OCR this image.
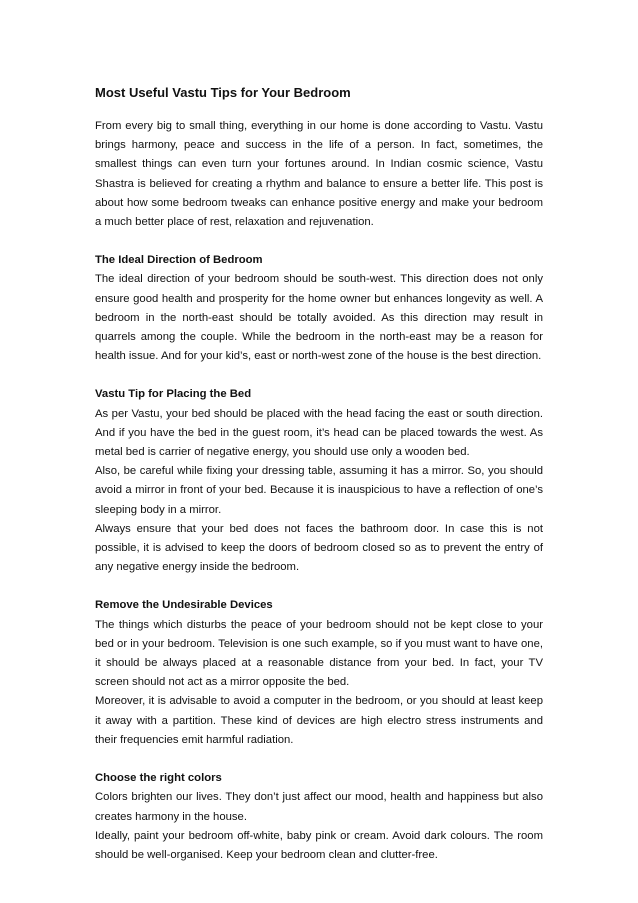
Most Useful Vastu Tips for Your Bedroom

From every big to small thing, everything in our home is done according to Vastu. Vastu brings harmony, peace and success in the life of a person. In fact, sometimes, the smallest things can even turn your fortunes around. In Indian cosmic science, Vastu Shastra is believed for creating a rhythm and balance to ensure a better life. This post is about how some bedroom tweaks can enhance positive energy and make your bedroom a much better place of rest, relaxation and rejuvenation.

The Ideal Direction of Bedroom

The ideal direction of your bedroom should be south-west. This direction does not only ensure good health and prosperity for the home owner but enhances longevity as well. A bedroom in the north-east should be totally avoided. As this direction may result in quarrels among the couple. While the bedroom in the north-east may be a reason for health issue. And for your kid’s, east or north-west zone of the house is the best direction.

Vastu Tip for Placing the Bed

As per Vastu, your bed should be placed with the head facing the east or south direction. And if you have the bed in the guest room, it’s head can be placed towards the west. As metal bed is carrier of negative energy, you should use only a wooden bed.

Also, be careful while fixing your dressing table, assuming it has a mirror. So, you should avoid a mirror in front of your bed. Because it is inauspicious to have a reflection of one’s sleeping body in a mirror.

Always ensure that your bed does not faces the bathroom door. In case this is not possible, it is advised to keep the doors of bedroom closed so as to prevent the entry of any negative energy inside the bedroom.

Remove the Undesirable Devices

The things which disturbs the peace of your bedroom should not be kept close to your bed or in your bedroom. Television is one such example, so if you must want to have one, it should be always placed at a reasonable distance from your bed. In fact, your TV screen should not act as a mirror opposite the bed.

Moreover, it is advisable to avoid a computer in the bedroom, or you should at least keep it away with a partition. These kind of devices are high electro stress instruments and their frequencies emit harmful radiation.

Choose the right colors

Colors brighten our lives. They don’t just affect our mood, health and happiness but also creates harmony in the house.

Ideally, paint your bedroom off-white, baby pink or cream. Avoid dark colours. The room should be well-organised. Keep your bedroom clean and clutter-free.
